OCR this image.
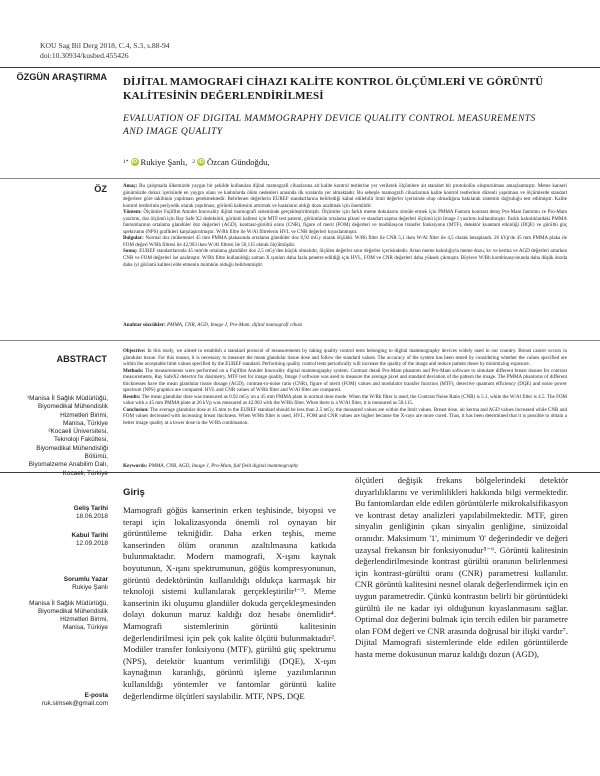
KOU Sag Bil Derg 2018, C.4, S.3, s.88-94
doi:10.30934/kusbed.455426
ÖZGÜN ARAŞTIRMA
ÖZ
ABSTRACT
DİJİTAL MAMOGRAFİ CİHAZI KALİTE KONTROL ÖLÇÜMLERİ VE GÖRÜNTÜ KALİTESİNİN DEĞERLENDİRİLMESİ
EVALUATION OF DIGITAL MAMMOGRAPHY DEVICE QUALITY CONTROL MEASUREMENTS AND IMAGE QUALITY
1* iD Rukiye Şanlı, 2 iD Özcan Gündoğdu,

Amaç: Bu çalışmada ülkemizde yaygın bir şekilde kullanılan dijital mamografi cihazlarına ait kalite kontrol testlerine yer verilerek ölçümlere ait standart bir protokolün oluşturulması amaçlanmıştır. Meme kanseri günümüzde dokuz içerisinde en yaygın olanı ve kadınlarda ölüm nedenleri arasında ilk sıralarda yer almaktadır. Bu sebeple mamografi cihazlarının kalite kontrol testlerinin düzenli yapılması ve ölçümlerde standart değerlere göre takibinin yapılması gerekmektedir. Belirlenen değerlerin EUREF standartlarına belirlediği kabul edilebilir limit değerler içerisinde olup olmadığına bakılarak sistemin doğruluğu test edilmiştir. Kalite kontrol testlerinin periyodik olarak yapılması, görüntü kalitesini artırmak ve hastaların aldığı dozu azaltmak için önemlidir.

Yöntem: Ölçümler Fujifilm Amulet Innovality dijital mamografi sisteminde gerçekleştirilmiştir. Ölçümler için farklı meme dokularını simüle etmek için PMMA Fantom kontrast detay Pro-Mam fantomu ve Pro-Mam yazılımı, doz ölçümü için Ray Safe X2 dedektörü, görüntü kalitesi için MTF test paterni, görüntünün ortalama piksel ve standart sapma değerleri ölçümü için Image J yazılımı kullanılmıştır. Farklı kalınlıklardaki PMMA fantomlarının ortalama glandüler doz değerleri (AGD), kontrast-gürültü oranı (CNR), figure of merit (FOM) değerleri ve modülasyon transfer fonksiyonu (MTF), detektör kuantum etkinliği (DQE) ve gürültü güç spektrumu (NPS) grafikleri karşılaştırılmıştır. W/Rh filtre ile W/Al filtrelerin HVL ve CNR değerleri kıyaslanmıştır.

Bulgular: Normal doz mükemmel 45 mm PMMA plakasında ortalama glandüler doz 0,92 mGy olarak ölçüldü. W/Rh filter ile CNR 5,1 iken W/Al filter ile 4,5 olarak hesaplandı. 26 kVp'de 45 mm PMMA plaka ile FOM değeri W/Rh filtresi ile 42,903 iken W/Al filtresi ile 50,115 olarak ölçülmüştür.

Sonuç: EUREF standartlarında 45 mm'de ortalama glandüler doz 2,5 mGy'den küçük olmalıdır, ölçülen değerler sınır değerler içerisindedir. Artan meme kalınlığıyla meme dozu, kv ve kerma ve AGD değerleri artarken CNR ve FOM değerleri ise azalmıştır. W/Rh filtre kullanıldığı zaman X ışınları daha fazla penetre edildiği için HVL, FOM ve CNR değerleri daha yüksek çıkmıştır. Böylece W/Rh kombinasyonunda daha düşük dozda daha iyi görüntü kalitesi elde etmenin mümkün olduğu belirlenmiştir.

Anahtar sözcükler: PMMA, CNR, AGD, Image J, Pro-Mam, dijital mamografi cihazı

Objective: In this study, we aimed to establish a standard protocol of measurements by taking quality control tests belonging to digital mammography devices widely used in our country. Breast cancer occurs in glandular tissue. For this reason, it is necessary to measure the mean glandular tissue dose and follow the standard values. The accuracy of the system has been tested by considering whether the values specified are within the acceptable limit values specified by the EUREF standard. Performing quality control tests periodically will increase the quality of the image and reduce patient doses by minimizing exposure.

Methods: The measurements were performed on a Fujifilm Amulet Innovality digital mammography system. Contrast detail Pro-Mam phantom and Pro-Mam software to simulate different breast tissues for contrast measurements, Ray SafeX2 detector for dosimetry, MTF test for image quality, Image J software was used to measure the average pixel and standard deviation of the pattern the image. The PMMA phantoms of different thicknesses have the mean glandular tissue dosage (AGD), contrast-to-noise ratio (CNR), figure of merit (FOM) values and modulator transfer function (MTF), detective quantum efficiency (DQE) and noise power spectrum (NPS) graphics are compared. HVL and CNR values of W/Rh filter and W/Al filter are compared.

Results: The mean glandular dose was measured as 0.92 mGy on a 45 mm PMMA plate in normal dose mode. When the W/Rh filter is used, the Contrast Noise Ratio (CNR) is 5.1, while the W/Al filter is 4.5. The FOM value with a 45 mm PMMA plate at 26 kVp was measured as 42.903 with the W/Rh filter. When there is a W/Al filter, it is measured as 50.115.

Conclusion: The average glandular dose at 45 mm to the EUREF standard should be less than 2.5 mGy, the measured values are within the limit values. Breast dose, air kerma and AGD values increased while CNR and FOM values decreased with increasing breast thickness. When W/Rh filter is used, HVL, FOM and CNR values are higher because the X-rays are more cured. Thus, it has been determined that it is possible to obtain a better image quality at a lower dose in the W/Rh combination.

Keywords: PMMA, CNR, AGD, Image J, Pro-Mam, full field digital mammography
¹Manisa İl Sağlık Müdürlüğü,
Biyomedikal Mühendislik
Hizmetleri Birimi,
Manisa, Türkiye
²Kocaeli Üniversitesi,
Teknoloji Fakültesi,
Biyomedikal Mühendisliği
Bölümü,
Biyomalzeme Anabilim Dalı,
Kocaeli, Türkiye
Geliş Tarihi
18.06.2018
Kabul Tarihi
12.09.2018
Sorumlu Yazar
Rukiye Şanlı
Manisa İl Sağlık Müdürlüğü,
Biyomedikal Mühendislik
Hizmetleri Birimi,
Manisa, Türkiye
E-posta
ruk.simsek@gmail.com
Giriş

Mamografi göğüs kanserinin erken teşhisinde, biyopsi ve terapi için lokalizasyonda önemli rol oynayan bir görüntüleme tekniğidir. Daha erken teşhis, meme kanserinden ölüm oranının azaltılmasına katkıda bulunmaktadır. Modern mamografi, X-ışını kaynak boyutunun, X-ışını spektrumunun, göğüs kompresyonunun, görüntü dedektörünün kullanıldığı oldukça karmaşık bir teknoloji sistemi kullanılarak gerçekleştirilir¹⁻³. Meme kanserinin iki oluşumu glandüler dokuda gerçekleşmesinden dolayı dokunun maruz kaldığı doz hesabı önemlidir⁴. Mamografi sistemlerinin görüntü kalitesinin değerlendirilmesi için pek çok kalite ölçütü bulunmaktadır². Modüler transfer fonksiyonu (MTF), gürültü güç spektrumu (NPS), detektör kuantum verimliliği (DQE), X-ışın kaynağının karanlığı, görüntü işleme yazılımlarının kullanıldığı yöntemler ve fantomlar görüntü kalite değerlendirme ölçütleri sayılabilir. MTF, NPS, DQE

ölçütleri değişik frekans bölgelerindeki detektör duyarlılıklarını ve verimlilikleri hakkında bilgi vermektedir. Bu fantomlardan elde edilen görüntülerle mikrokalsifikasyon ve kontrast detay analizleri yapılabilmektedir. MTF, giren sinyalin genliğinin çıkan sinyalin genliğine, sinüzoidal oranıdır. Maksimum '1', minimum '0' değerindedir ve değeri uzaysal frekansın bir fonksiyonudur⁵⁻⁶. Görüntü kalitesinin değerlendirilmesinde kontrast gürültü oranının belirlenmesi için kontrast-gürültü oranı (CNR) parametresi kullanılır. CNR görüntü kalitesini nesnel olarak değerlendirmek için en uygun parametredir. Çünkü kontrastın belirli bir görüntüdeki gürültü ile ne kadar iyi olduğunun kıyaslanmasını sağlar. Optimal doz değerini bulmak için tercih edilen bir parametre olan FOM değeri ve CNR arasında doğrusal bir ilişki vardır⁷. Dijital Mamografi sistemlerinde elde edilen görüntülerde hasta meme dokusunun maruz kaldığı dozun (AGD),
